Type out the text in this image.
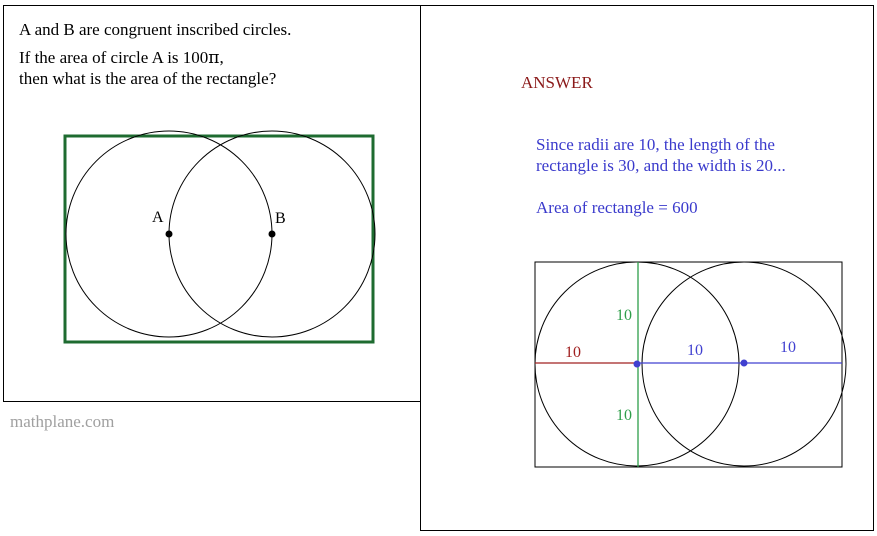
A and B are congruent inscribed circles.
If the area of circle A is 100π,
then what is the area of the rectangle?
A	B
mathplane.com
ANSWER
Since radii are 10, the length of the
rectangle is 30, and the width is 20...
Area of rectangle = 600
10	10	10
10
10
